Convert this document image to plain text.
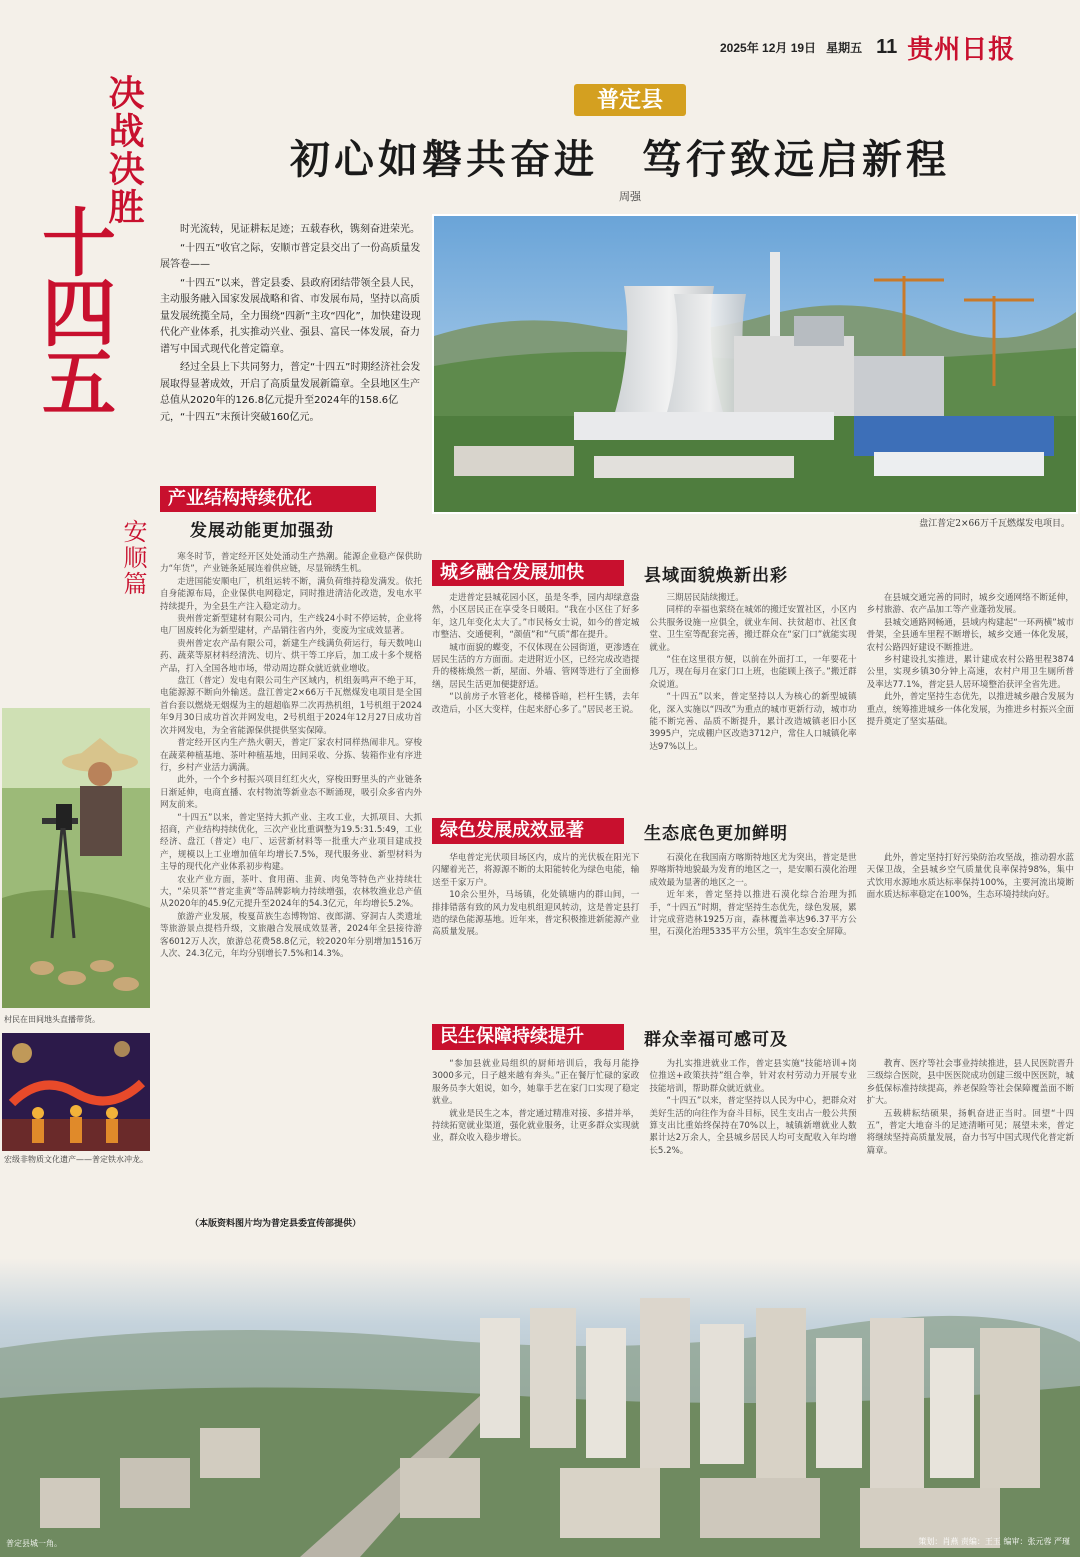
2025年 12月 19日 星期五 11 贵州日报
决战决胜
十四五
安顺篇
普定县
初心如磐共奋进　笃行致远启新程
周强

时光流转，见证耕耘足迹；五载春秋，镌刻奋进荣光。

“十四五”收官之际，安顺市普定县交出了一份高质量发展答卷——

“十四五”以来，普定县委、县政府团结带领全县人民，主动服务融入国家发展战略和省、市发展布局，坚持以高质量发展统揽全局，全力围绕“四新”主攻“四化”，加快建设现代化产业体系，扎实推动兴业、强县、富民一体发展，奋力谱写中国式现代化普定篇章。

经过全县上下共同努力，普定“十四五”时期经济社会发展取得显著成效，开启了高质量发展新篇章。全县地区生产总值从2020年的126.8亿元提升至2024年的158.6亿元，“十四五”末预计突破160亿元。

盘江普定2×66万千瓦燃煤发电项目。
产业结构持续优化
发展动能更加强劲

寒冬时节，普定经开区处处涌动生产热潮。能源企业稳产保供助力“年货”，产业链条延展连着供应链，尽显锦绣生机。

走进国能安顺电厂，机组运转不断，满负荷维持稳发满发。依托自身能源布局，企业保供电网稳定，同时推进清洁化改造，发电水平持续提升，为全县生产注入稳定动力。

贵州普定新型建材有限公司内，生产线24小时不停运转，企业将电厂固废转化为新型建材，产品销往省内外，变废为宝成效显著。

贵州普定农产品有限公司，新建生产线满负荷运行，每天数吨山药、蔬菜等原材料经清洗、切片、烘干等工序后，加工成十多个规格产品，打入全国各地市场，带动周边群众就近就业增收。

盘江（普定）发电有限公司生产区域内，机组轰鸣声不绝于耳，电能源源不断向外输送。盘江普定2×66万千瓦燃煤发电项目是全国首台套以燃烧无烟煤为主的超超临界二次再热机组，1号机组于2024年9月30日成功首次并网发电，2号机组于2024年12月27日成功首次并网发电，为全省能源保供提供坚实保障。

普定经开区内生产热火朝天，普定厂家农村同样热闹非凡。穿梭在蔬菜种植基地、茶叶种植基地，田间采收、分拣、装箱作业有序进行，乡村产业活力满满。

此外，一个个乡村振兴项目红红火火，穿梭田野里头的产业链条日渐延伸，电商直播、农村物流等新业态不断涌现，吸引众多省内外网友前来。

“十四五”以来，普定坚持大抓产业、主攻工业，大抓项目、大抓招商，产业结构持续优化，三次产业比重调整为19.5:31.5:49，工业经济、盘江（普定）电厂、运营新材料等一批重大产业项目建成投产，规模以上工业增加值年均增长7.5%，现代服务业、新型材料为主导的现代化产业体系初步构建。

农业产业方面，茶叶、食用菌、韭黄、肉兔等特色产业持续壮大，“朵贝茶”“普定韭黄”等品牌影响力持续增强，农林牧渔业总产值从2020年的45.9亿元提升至2024年的54.3亿元，年均增长5.2%。

旅游产业发展，梭戛苗族生态博物馆、夜郎湖、穿洞古人类遗址等旅游景点提档升级，文旅融合发展成效显著，2024年全县接待游客6012万人次，旅游总花费58.8亿元，较2020年分别增加1516万人次、24.3亿元，年均分别增长7.5%和14.3%。

（本版资料图片均为普定县委宣传部提供）
村民在田间地头直播带货。
宏级非物质文化遗产——普定铁水冲龙。
城乡融合发展加快	县域面貌焕新出彩

走进普定县城花园小区，虽是冬季，园内却绿意盎然，小区居民正在享受冬日暖阳。“我在小区住了好多年，这几年变化太大了。”市民杨女士说，如今的普定城市整洁、交通便利，“颜值”和“气质”都在提升。

城市面貌的蝶变，不仅体现在公园街道，更渗透在居民生活的方方面面。走进附近小区，已经完成改造提升的楼栋焕然一新，屋面、外墙、管网等进行了全面修缮，居民生活更加便捷舒适。

“以前房子水管老化，楼梯昏暗，栏杆生锈，去年改造后，小区大变样，住起来舒心多了。”居民老王说。

三期居民陆续搬迁。

同样的幸福也萦绕在城郊的搬迁安置社区，小区内公共服务设施一应俱全，就业车间、扶贫超市、社区食堂、卫生室等配套完善，搬迁群众在“家门口”就能实现就业。

“住在这里很方便，以前在外面打工，一年要花十几万，现在每月在家门口上班，也能顾上孩子。”搬迁群众说道。

“十四五”以来，普定坚持以人为核心的新型城镇化，深入实施以“四改”为重点的城市更新行动，城市功能不断完善、品质不断提升，累计改造城镇老旧小区3995户，完成棚户区改造3712户，常住人口城镇化率达97%以上。

在县城交通完善的同时，城乡交通网络不断延伸，乡村旅游、农产品加工等产业蓬勃发展。

县城交通路网畅通，县域内构建起“一环两横”城市骨架，全县通车里程不断增长，城乡交通一体化发展，农村公路四好建设不断推进。

乡村建设扎实推进，累计建成农村公路里程3874公里，实现乡镇30分钟上高速，农村户用卫生厕所普及率达77.1%，普定县人居环境整治获评全省先进。

此外，普定坚持生态优先，以推进城乡融合发展为重点，统筹推进城乡一体化发展，为推进乡村振兴全面提升奠定了坚实基础。

绿色发展成效显著	生态底色更加鲜明

华电普定光伏项目场区内，成片的光伏板在阳光下闪耀着光芒，将源源不断的太阳能转化为绿色电能，输送至千家万户。

10余公里外，马场镇，化处镇塘内的群山间，一排排错落有致的风力发电机组迎风转动，这是普定县打造的绿色能源基地。近年来，普定积极推进新能源产业高质量发展。

石漠化在我国南方喀斯特地区尤为突出，普定是世界喀斯特地貌最为发育的地区之一，是安顺石漠化治理成效最为显著的地区之一。

近年来，普定坚持以推进石漠化综合治理为抓手，“十四五”时期，普定坚持生态优先，绿色发展，累计完成营造林1925万亩，森林覆盖率达96.37平方公里，石漠化治理5335平方公里，筑牢生态安全屏障。

此外，普定坚持打好污染防治攻坚战，推动碧水蓝天保卫战，全县城乡空气质量优良率保持98%，集中式饮用水源地水质达标率保持100%，主要河流出境断面水质达标率稳定在100%，生态环境持续向好。

民生保障持续提升	群众幸福可感可及

“参加县就业局组织的厨师培训后，我每月能挣3000多元，日子越来越有奔头。”正在餐厅忙碌的家政服务员李大姐说，如今，她靠手艺在家门口实现了稳定就业。

就业是民生之本，普定通过精准对接、多措并举，持续拓宽就业渠道，强化就业服务，让更多群众实现就业，群众收入稳步增长。

为扎实推进就业工作，普定县实施“技能培训+岗位推送+政策扶持”组合拳，针对农村劳动力开展专业技能培训，帮助群众就近就业。

“十四五”以来，普定坚持以人民为中心，把群众对美好生活的向往作为奋斗目标，民生支出占一般公共预算支出比重始终保持在70%以上，城镇新增就业人数累计达2万余人，全县城乡居民人均可支配收入年均增长5.2%。

教育、医疗等社会事业持续推进，县人民医院晋升三级综合医院，县中医医院成功创建三级中医医院，城乡低保标准持续提高，养老保险等社会保障覆盖面不断扩大。

五载耕耘结硕果，扬帆奋进正当时。回望“十四五”，普定大地奋斗的足迹清晰可见；展望未来，普定将继续坚持高质量发展，奋力书写中国式现代化普定新篇章。

普定县城一角。	策划：肖燕 责编：王玉 编审：张元蓉 严瑾
